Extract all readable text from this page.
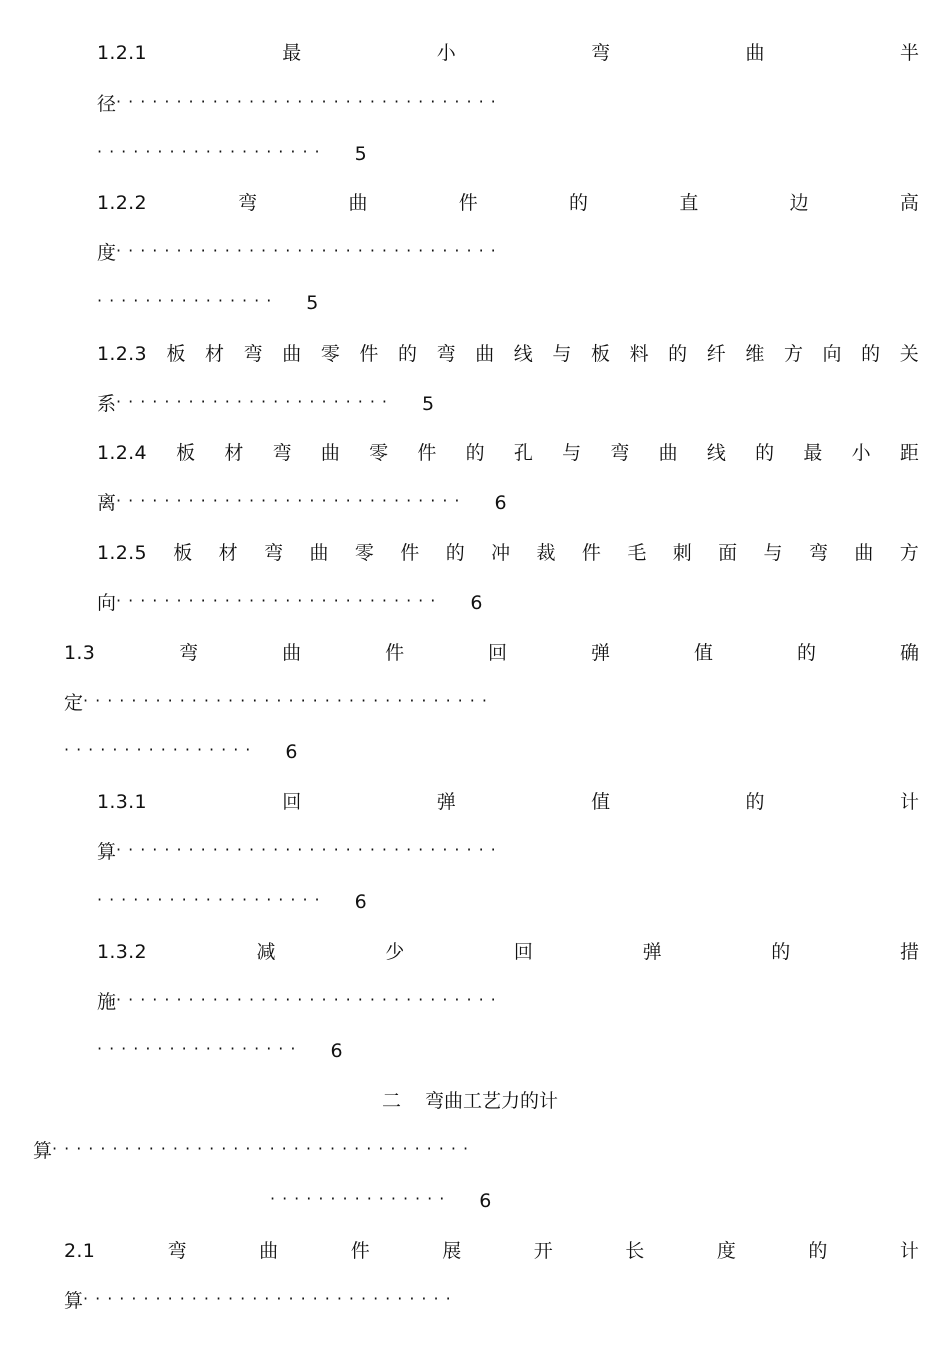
1.2.1	最	小	弯	曲	半
径································
··················· 5
1.2.2	弯	曲	件	的	直	边	高
度································
··············· 5
1.2.3 板 材 弯 曲 零 件 的 弯 曲 线 与 板 料 的 纤 维 方 向 的 关
系······················· 5
1.2.4 板 材 弯 曲 零 件 的 孔 与 弯 曲 线 的 最 小 距
离····························· 6
1.2.5 板 材 弯 曲 零 件 的 冲 裁 件 毛 刺 面 与 弯 曲 方
向··························· 6
1.3	弯	曲	件	回	弹	值	的	确
定··································
················ 6
1.3.1	回	弹	值	的	计
算································
··················· 6
1.3.2	减	少	回	弹	的	措
施································
················· 6
二 弯曲工艺力的计
算···································
··············· 6
2.1	弯	曲	件	展	开	长	度	的	计
算·······························
